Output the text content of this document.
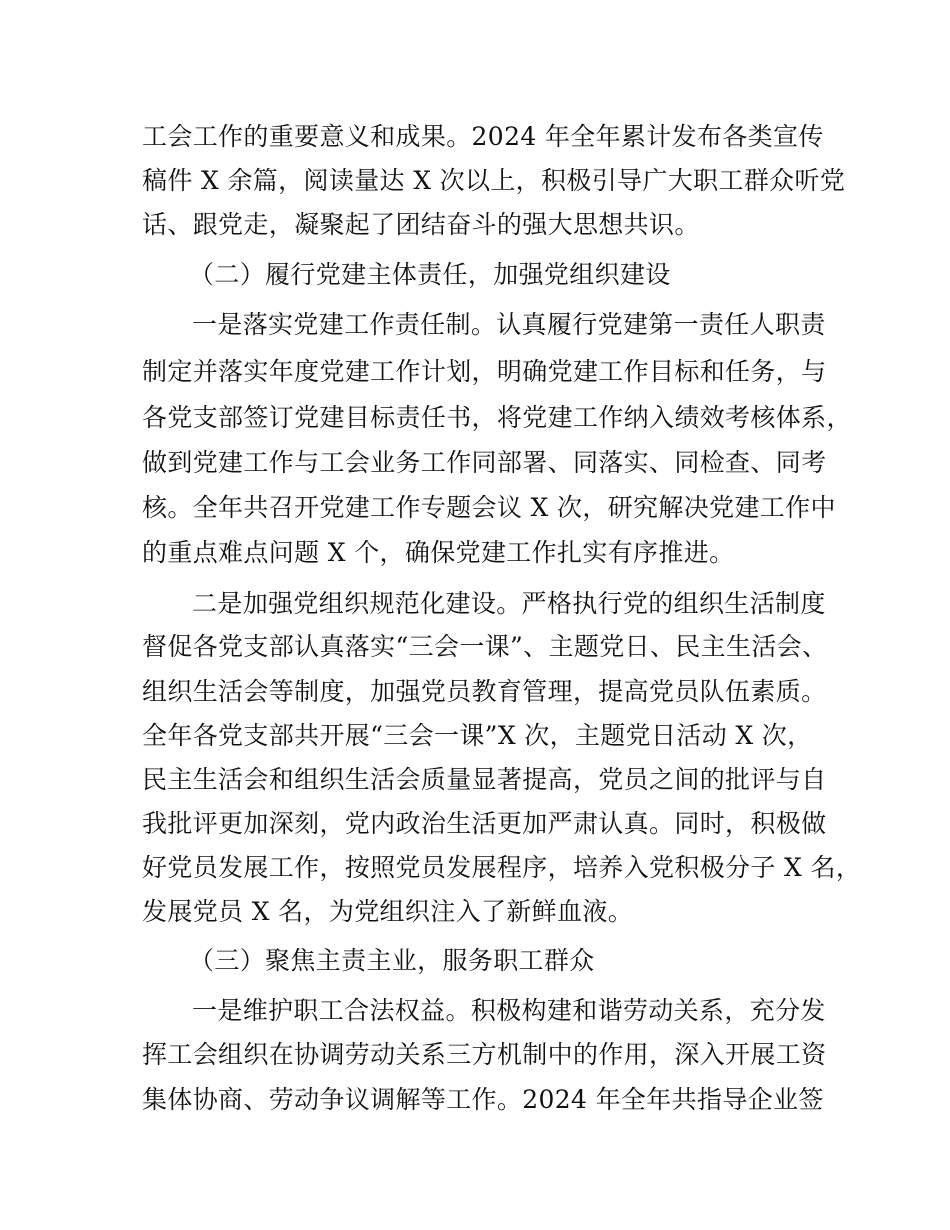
工会工作的重要意义和成果。2024 年全年累计发布各类宣传
稿件 X 余篇，阅读量达 X 次以上，积极引导广大职工群众听党
话、跟党走，凝聚起了团结奋斗的强大思想共识。
（二）履行党建主体责任，加强党组织建设
一是落实党建工作责任制。认真履行党建第一责任人职责
制定并落实年度党建工作计划，明确党建工作目标和任务，与
各党支部签订党建目标责任书，将党建工作纳入绩效考核体系，
做到党建工作与工会业务工作同部署、同落实、同检查、同考
核。全年共召开党建工作专题会议 X 次，研究解决党建工作中
的重点难点问题 X 个，确保党建工作扎实有序推进。
二是加强党组织规范化建设。严格执行党的组织生活制度
督促各党支部认真落实“三会一课”、主题党日、民主生活会、
组织生活会等制度，加强党员教育管理，提高党员队伍素质。
全年各党支部共开展“三会一课”X 次，主题党日活动 X 次，
民主生活会和组织生活会质量显著提高，党员之间的批评与自
我批评更加深刻，党内政治生活更加严肃认真。同时，积极做
好党员发展工作，按照党员发展程序，培养入党积极分子 X 名，
发展党员 X 名，为党组织注入了新鲜血液。
（三）聚焦主责主业，服务职工群众
一是维护职工合法权益。积极构建和谐劳动关系，充分发
挥工会组织在协调劳动关系三方机制中的作用，深入开展工资
集体协商、劳动争议调解等工作。2024 年全年共指导企业签
